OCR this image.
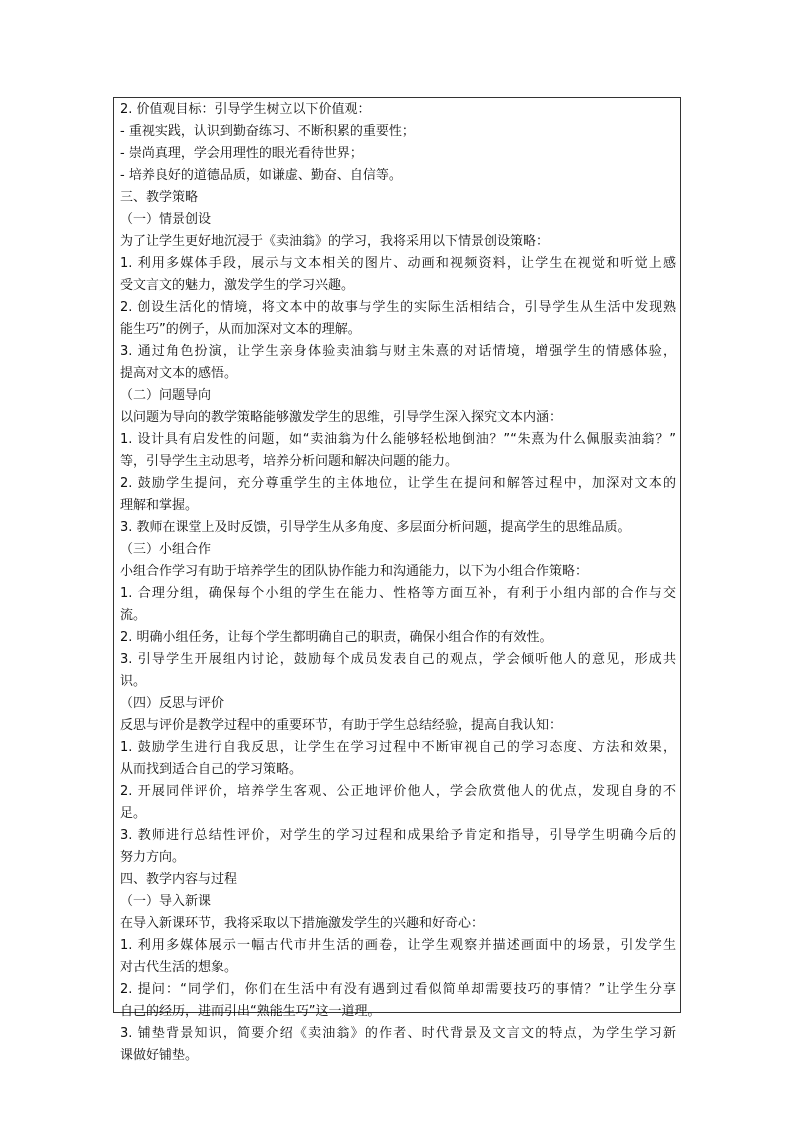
2. 价值观目标：引导学生树立以下价值观：
- 重视实践，认识到勤奋练习、不断积累的重要性；
- 崇尚真理，学会用理性的眼光看待世界；
- 培养良好的道德品质，如谦虚、勤奋、自信等。
三、教学策略
（一）情景创设
为了让学生更好地沉浸于《卖油翁》的学习，我将采用以下情景创设策略：
1. 利用多媒体手段，展示与文本相关的图片、动画和视频资料，让学生在视觉和听觉上感
受文言文的魅力，激发学生的学习兴趣。
2. 创设生活化的情境，将文本中的故事与学生的实际生活相结合，引导学生从生活中发现熟
能生巧”的例子，从而加深对文本的理解。
3. 通过角色扮演，让学生亲身体验卖油翁与财主朱熹的对话情境，增强学生的情感体验，
提高对文本的感悟。
（二）问题导向
以问题为导向的教学策略能够激发学生的思维，引导学生深入探究文本内涵：
1. 设计具有启发性的问题，如“卖油翁为什么能够轻松地倒油？”“朱熹为什么佩服卖油翁？”
等，引导学生主动思考，培养分析问题和解决问题的能力。
2. 鼓励学生提问，充分尊重学生的主体地位，让学生在提问和解答过程中，加深对文本的
理解和掌握。
3. 教师在课堂上及时反馈，引导学生从多角度、多层面分析问题，提高学生的思维品质。
（三）小组合作
小组合作学习有助于培养学生的团队协作能力和沟通能力，以下为小组合作策略：
1. 合理分组，确保每个小组的学生在能力、性格等方面互补，有利于小组内部的合作与交
流。
2. 明确小组任务，让每个学生都明确自己的职责，确保小组合作的有效性。
3. 引导学生开展组内讨论，鼓励每个成员发表自己的观点，学会倾听他人的意见，形成共
识。
（四）反思与评价
反思与评价是教学过程中的重要环节，有助于学生总结经验，提高自我认知：
1. 鼓励学生进行自我反思，让学生在学习过程中不断审视自己的学习态度、方法和效果，
从而找到适合自己的学习策略。
2. 开展同伴评价，培养学生客观、公正地评价他人，学会欣赏他人的优点，发现自身的不
足。
3. 教师进行总结性评价，对学生的学习过程和成果给予肯定和指导，引导学生明确今后的
努力方向。
四、教学内容与过程
（一）导入新课
在导入新课环节，我将采取以下措施激发学生的兴趣和好奇心：
1. 利用多媒体展示一幅古代市井生活的画卷，让学生观察并描述画面中的场景，引发学生
对古代生活的想象。
2. 提问：“同学们，你们在生活中有没有遇到过看似简单却需要技巧的事情？”让学生分享
自己的经历，进而引出“熟能生巧”这一道理。
3. 铺垫背景知识，简要介绍《卖油翁》的作者、时代背景及文言文的特点，为学生学习新
课做好铺垫。
